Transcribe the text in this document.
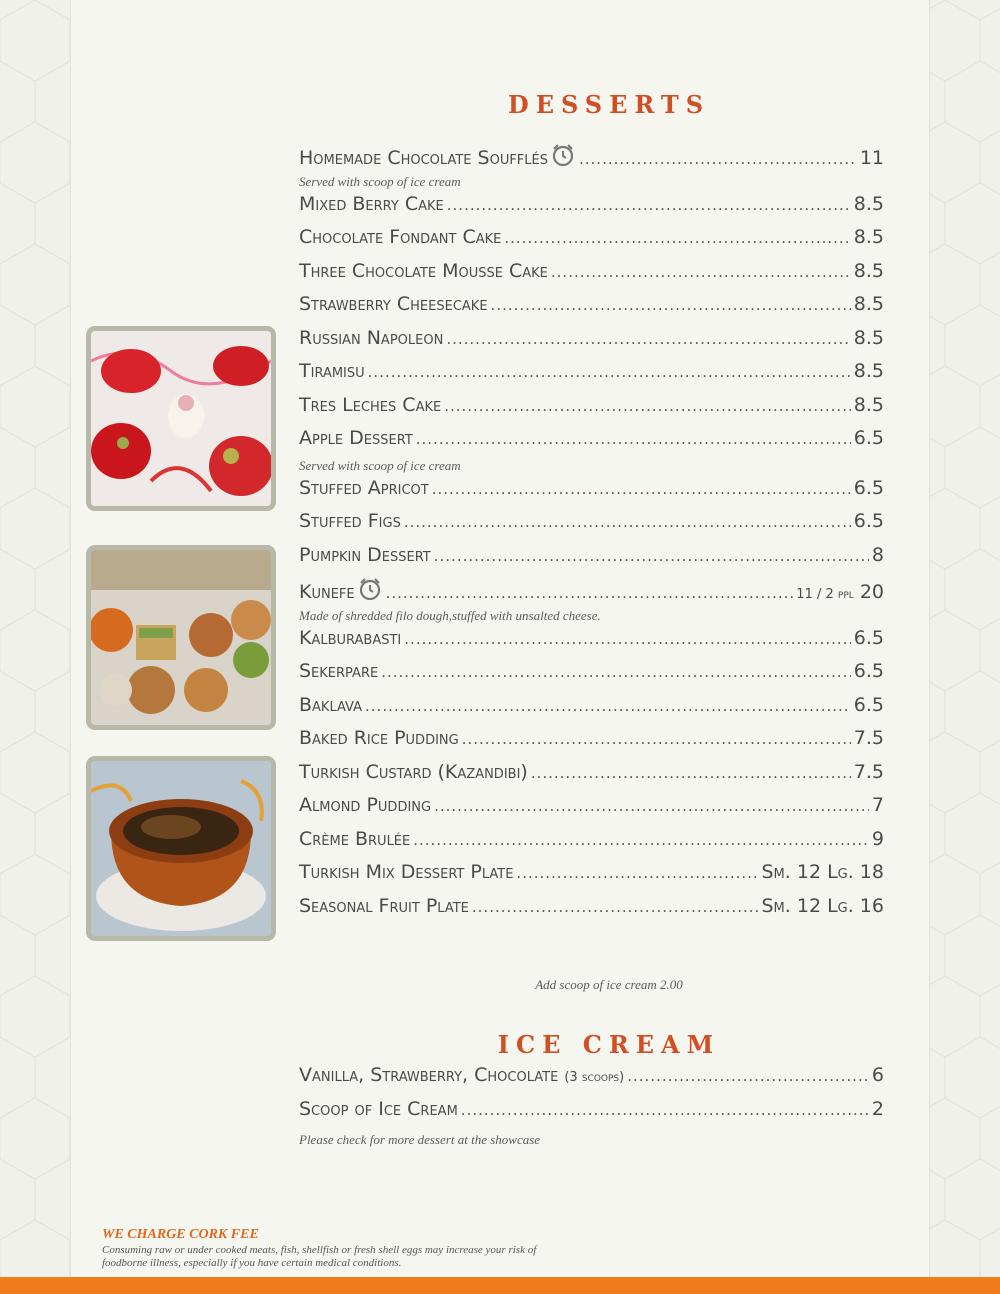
DESSERTS
Homemade Chocolate Soufflés .....	11
Served with scoop of ice cream
Mixed Berry Cake .....	8.5
Chocolate Fondant Cake .....	8.5
Three Chocolate Mousse Cake .....	8.5
Strawberry Cheesecake .....	8.5
Russian Napoleon .....	8.5
Tiramisu .....	8.5
Tres Leches Cake .....	8.5
Apple Dessert .....	6.5
Served with scoop of ice cream
Stuffed Apricot .....	6.5
Stuffed Figs .....	6.5
Pumpkin Dessert .....	8
Kunefe .....	11 / 2 ppl 20
Made of shredded filo dough,stuffed with unsalted cheese.
Kalburabasti .....	6.5
Sekerpare .....	6.5
Baklava .....	6.5
Baked Rice Pudding .....	7.5
Turkish Custard (Kazandibi) .....	7.5
Almond Pudding .....	7
Crème Brulée .....	9
Turkish Mix Dessert Plate .....	Sm. 12 Lg. 18
Seasonal Fruit Plate .....	Sm. 12 Lg. 16
Add scoop of ice cream 2.00
ICE CREAM
Vanilla, Strawberry, Chocolate (3 scoops) .....	6
Scoop of Ice Cream .....	2
Please check for more dessert at the showcase
WE CHARGE CORK FEE
Consuming raw or under cooked meats, fish, shellfish or fresh shell eggs may increase your risk of foodborne illness, especially if you have certain medical conditions.
